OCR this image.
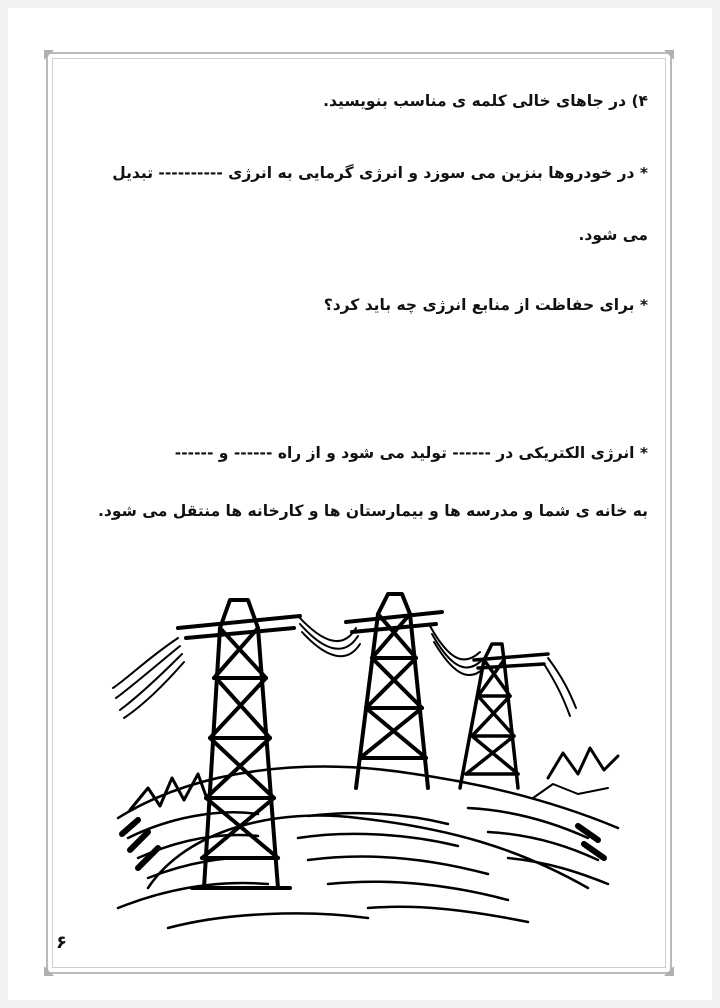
۴) در جاهای خالی کلمه ی مناسب بنویسید.
* در خودروها بنزین می سوزد و انرژی گرمایی به انرژی ---------- تبدیل
می شود.
* برای حفاظت از منابع انرژی چه باید کرد؟
* انرژی الکتریکی در ------ تولید می شود و از راه ------ و ------
به خانه ی شما و مدرسه ها و بیمارستان ها و کارخانه ها منتقل می شود.
۶
